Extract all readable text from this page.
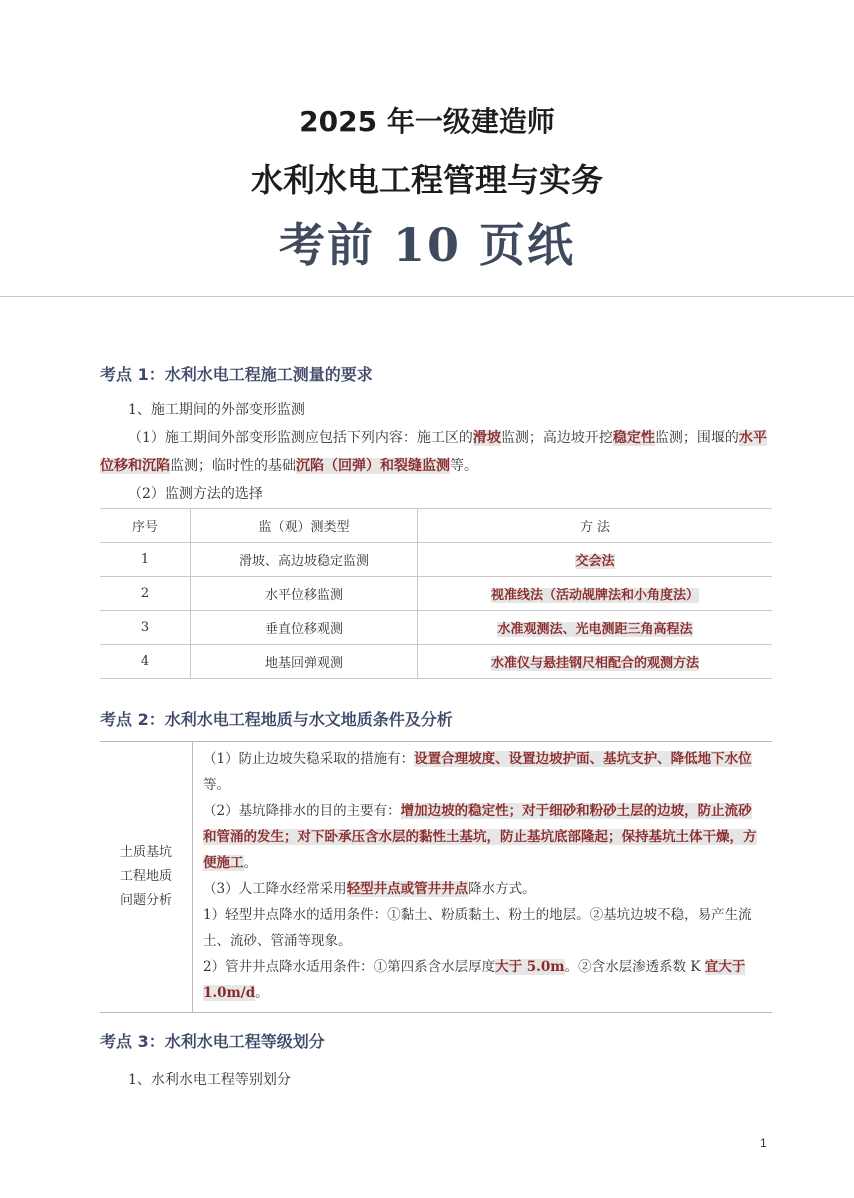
2025 年一级建造师
水利水电工程管理与实务
考前 10 页纸
考点 1：水利水电工程施工测量的要求
1、施工期间的外部变形监测
（1）施工期间外部变形监测应包括下列内容：施工区的滑坡监测；高边坡开挖稳定性监测；围堰的水平位移和沉陷监测；临时性的基础沉陷（回弹）和裂缝监测等。
（2）监测方法的选择
序号	监（观）测类型	方 法
1	滑坡、高边坡稳定监测	交会法
2	水平位移监测	视准线法（活动觇牌法和小角度法）
3	垂直位移观测	水准观测法、光电测距三角高程法
4	地基回弹观测	水准仪与悬挂钢尺相配合的观测方法
考点 2：水利水电工程地质与水文地质条件及分析
土质基坑
工程地质
问题分析

（1）防止边坡失稳采取的措施有：设置合理坡度、设置边坡护面、基坑支护、降低地下水位等。
（2）基坑降排水的目的主要有：增加边坡的稳定性；对于细砂和粉砂土层的边坡，防止流砂和管涌的发生；对下卧承压含水层的黏性土基坑，防止基坑底部隆起；保持基坑土体干燥，方便施工。
（3）人工降水经常采用轻型井点或管井井点降水方式。
1）轻型井点降水的适用条件：①黏土、粉质黏土、粉土的地层。②基坑边坡不稳，易产生流土、流砂、管涌等现象。
2）管井井点降水适用条件：①第四系含水层厚度大于 5.0m。②含水层渗透系数 K 宜大于 1.0m/d。
考点 3：水利水电工程等级划分
1、水利水电工程等别划分
1
